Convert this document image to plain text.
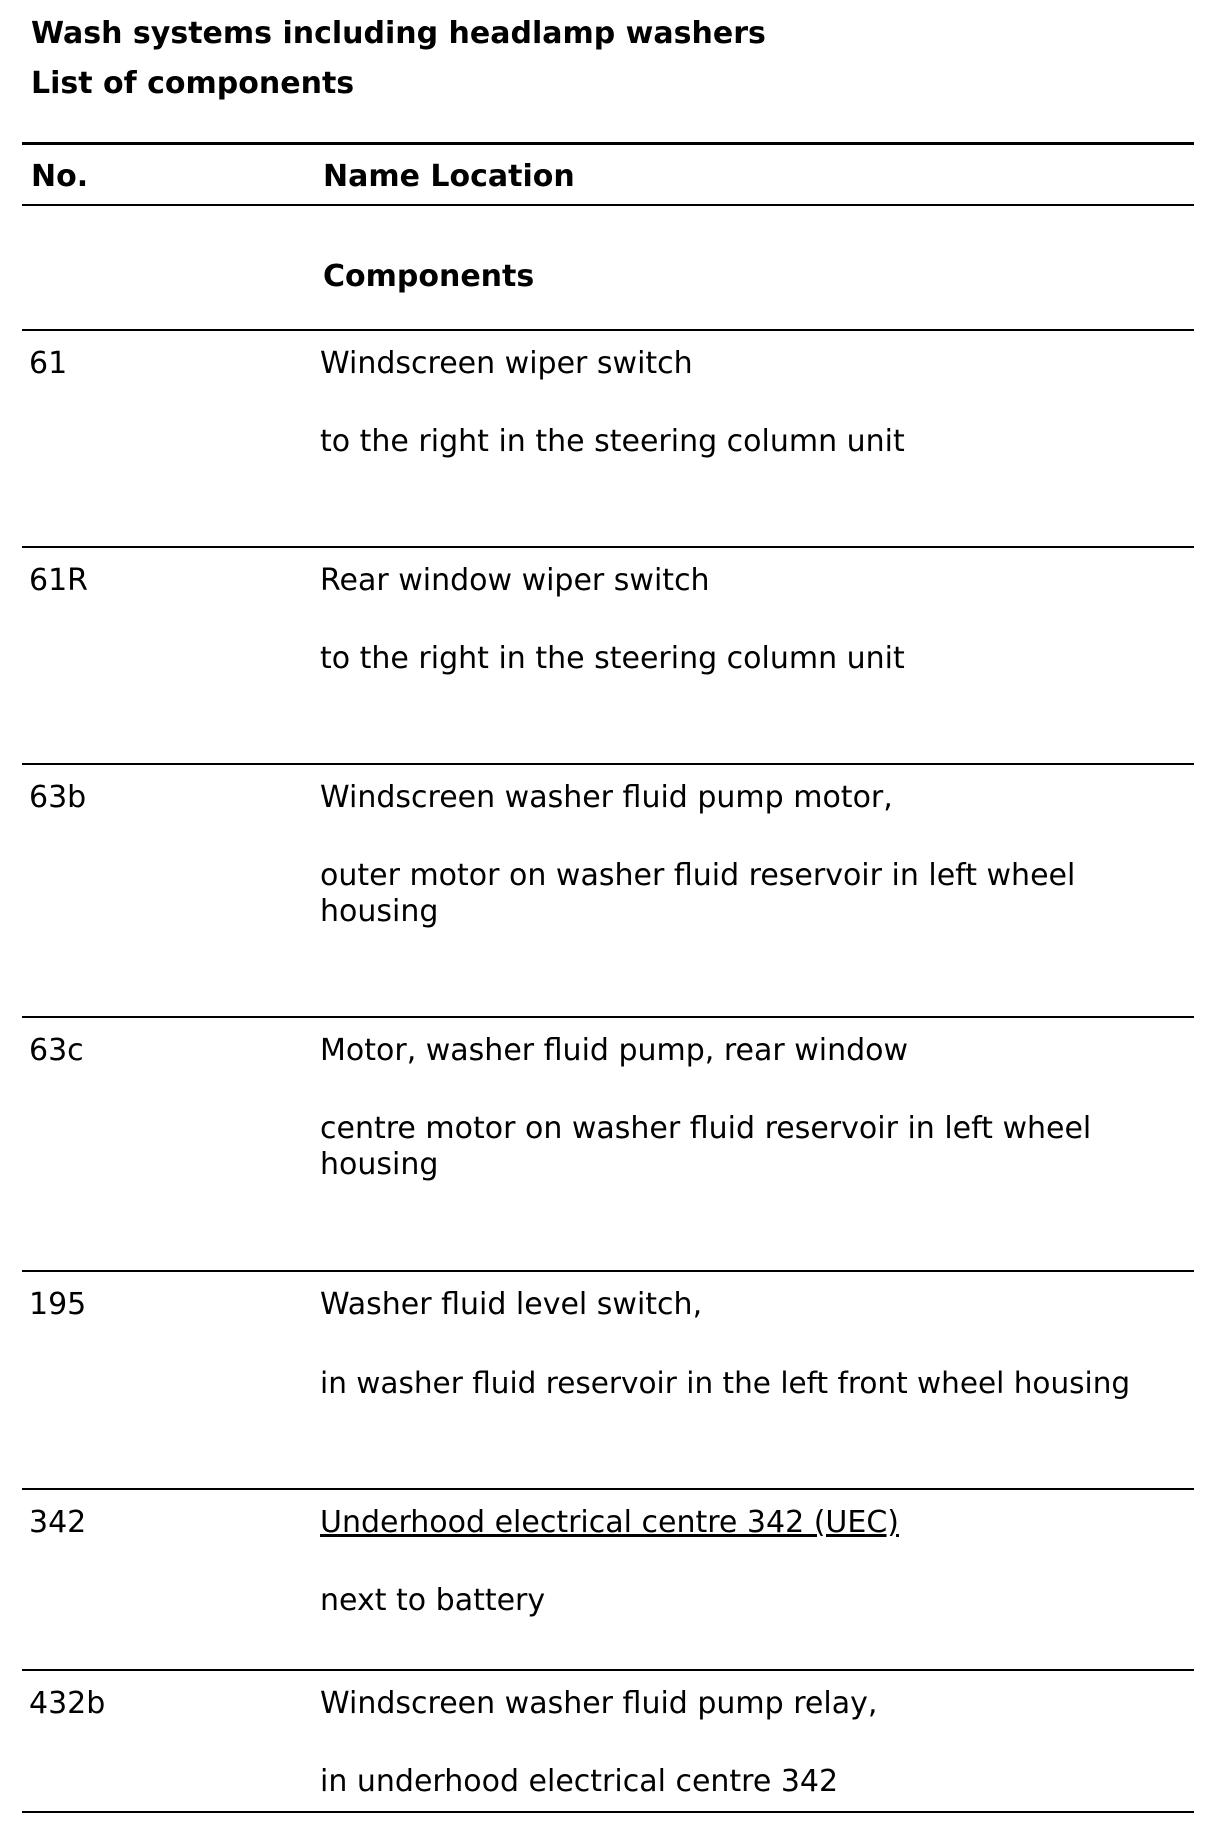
Wash systems including headlamp washers
List of components
No.	Name Location
Components
61	Windscreen wiper switch
to the right in the steering column unit
61R	Rear window wiper switch
to the right in the steering column unit
63b	Windscreen washer fluid pump motor,
outer motor on washer fluid reservoir in left wheel housing
63c	Motor, washer fluid pump, rear window
centre motor on washer fluid reservoir in left wheel housing
195	Washer fluid level switch,
in washer fluid reservoir in the left front wheel housing
342	Underhood electrical centre 342 (UEC)
next to battery
432b	Windscreen washer fluid pump relay,
in underhood electrical centre 342
